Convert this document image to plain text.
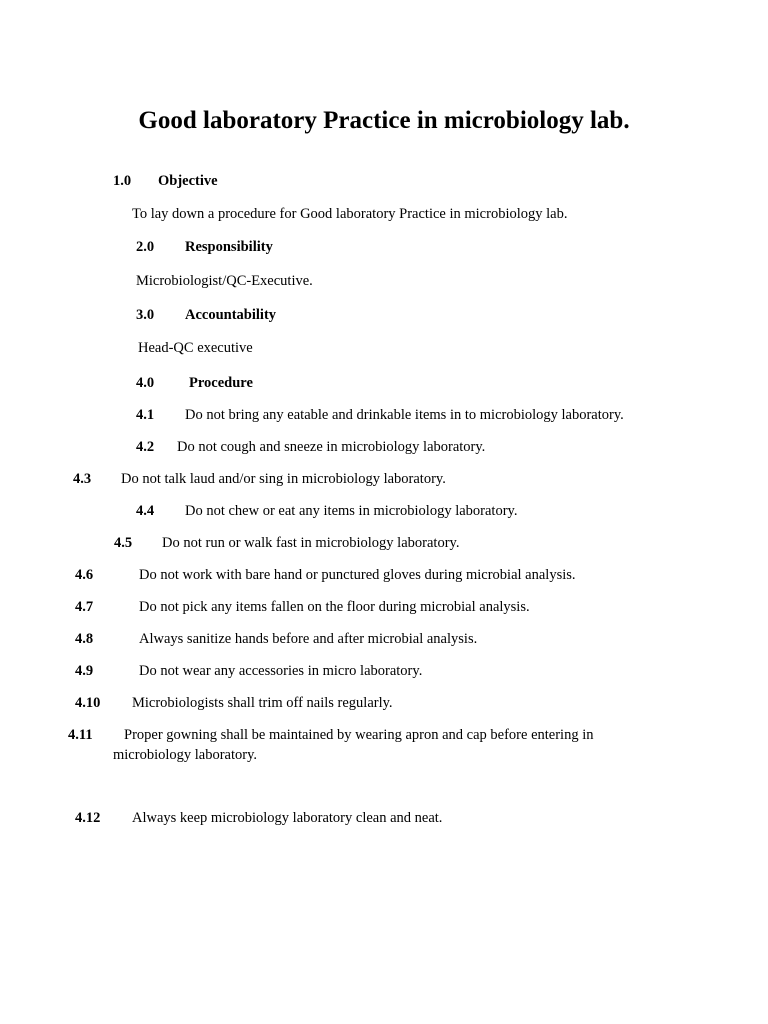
Good laboratory Practice in microbiology lab.
1.0 Objective
To lay down a procedure for Good laboratory Practice in microbiology lab.
2.0 Responsibility
Microbiologist/QC-Executive.
3.0 Accountability
Head-QC executive
4.0 Procedure
4.1 Do not bring any eatable and drinkable items in to microbiology laboratory.
4.2 Do not cough and sneeze in microbiology laboratory.
4.3 Do not talk laud and/or sing in microbiology laboratory.
4.4 Do not chew or eat any items in microbiology laboratory.
4.5 Do not run or walk fast in microbiology laboratory.
4.6	Do not work with bare hand or punctured gloves during microbial analysis.
4.7	Do not pick any items fallen on the floor during microbial analysis.
4.8	Always sanitize hands before and after microbial analysis.
4.9	Do not wear any accessories in micro laboratory.
4.10 Microbiologists shall trim off nails regularly.
4.11 Proper gowning shall be maintained by wearing apron and cap before entering in
microbiology laboratory.
4.12 Always keep microbiology laboratory clean and neat.
